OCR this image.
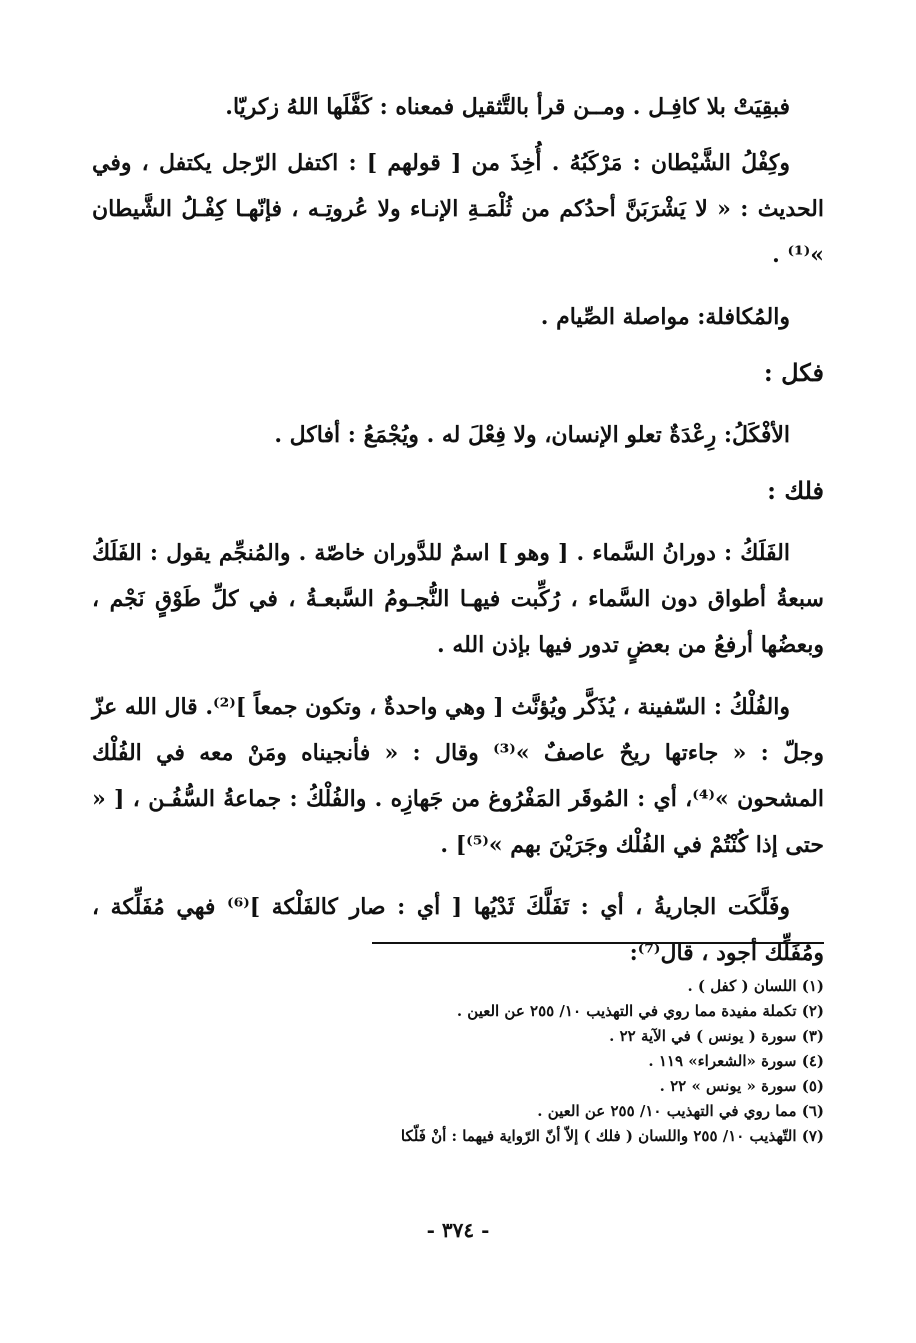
فبقِيَتْ بلا كافِـل . ومــن قرأ بالتَّثقيل فمعناه : كَفَّلَها اللهُ زكريّا.

وكِفْلُ الشَّيْطان : مَرْكَبُهُ . أُخِذَ من [ قولهم ] : اكتفل الرّجل يكتفل ، وفي الحديث : « لا يَشْرَبَنَّ أحدُكم من ثُلْمَـةِ الإنـاء ولا عُروتِـه ، فإنّهـا كِفْـلُ الشَّيطان »⁽¹⁾ .

والمُكافلة: مواصلة الصِّيام .

فكل :

الأفْكَلُ: رِعْدَةٌ تعلو الإنسان، ولا فِعْلَ له . ويُجْمَعُ : أفاكل .

فلك :

الفَلَكُ : دورانُ السَّماء . [ وهو ] اسمٌ للدَّوران خاصّة . والمُنجِّم يقول : الفَلَكُ سبعةُ أطواق دون السَّماء ، رُكِّبت فيهـا النُّجـومُ السَّبعـةُ ، في كلِّ طَوْقٍ نَجْم ، وبعضُها أرفعُ من بعضٍ تدور فيها بإذن الله .

والفُلْكُ : السّفينة ، يُذَكَّر ويُؤنَّث [ وهي واحدةٌ ، وتكون جمعاً ]⁽²⁾. قال الله عزّ وجلّ : « جاءتها ريحٌ عاصفٌ »⁽³⁾ وقال : « فأنجيناه ومَنْ معه في الفُلْك المشحون »⁽⁴⁾، أي : المُوقَر المَفْرُوغ من جَهازِه . والفُلْكُ : جماعةُ السُّفُـن ، [ « حتى إذا كُنْتُمْ في الفُلْك وجَرَيْنَ بهم »⁽⁵⁾] .

وفَلَّكَت الجاريةُ ، أي : تَفَلَّكَ ثَدْيُها [ أي : صار كالفَلْكة ]⁽⁶⁾ فهي مُفَلِّكة ، ومُفَلِّك أجود ، قال⁽⁷⁾:

(١) اللسان ( كفل ) .

(٢) تكملة مفيدة مما روي في التهذيب ١٠/ ٢٥٥ عن العين .

(٣) سورة ( يونس ) في الآية ٢٢ .

(٤) سورة «الشعراء» ١١٩ .

(٥) سورة « يونس » ٢٢ .

(٦) مما روي في التهذيب ١٠/ ٢٥٥ عن العين .

(٧) التّهذيب ١٠/ ٢٥٥ واللسان ( فلك ) إلاّ أنّ الرّواية فيهما : أنْ فَلّكا

- ٣٧٤ -
